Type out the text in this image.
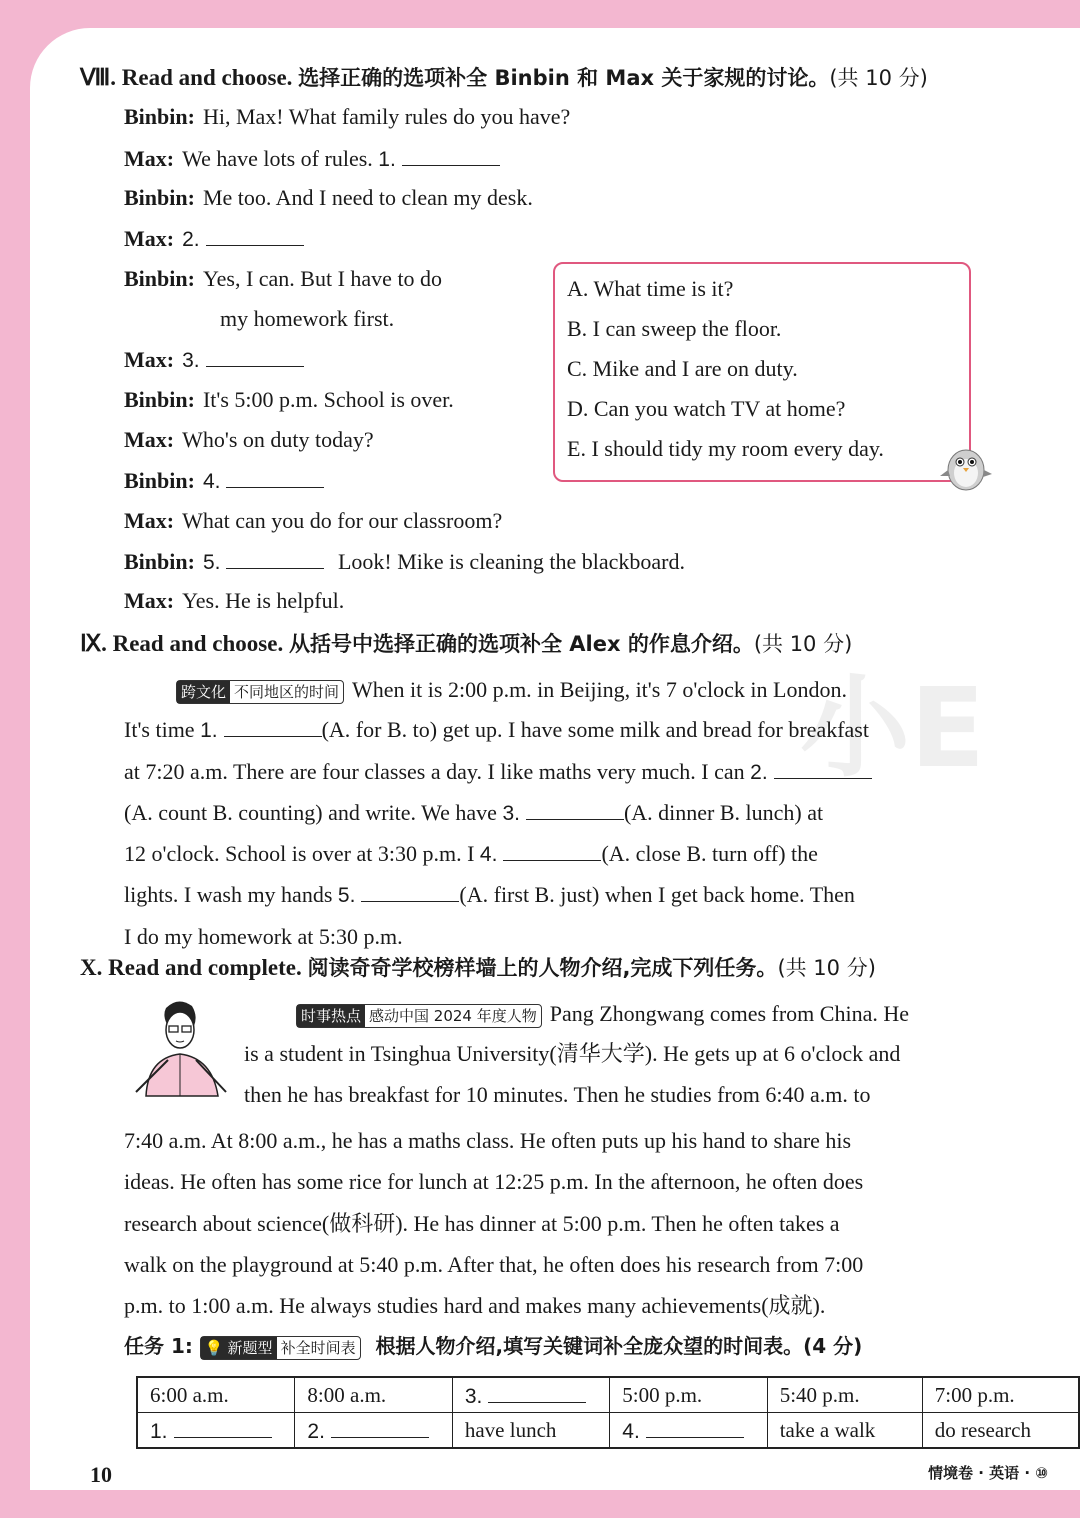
小E
Ⅷ. Read and choose. 选择正确的选项补全 Binbin 和 Max 关于家规的讨论。(共 10 分)
Binbin: Hi, Max! What family rules do you have?
Max: We have lots of rules. 1.
Binbin: Me too. And I need to clean my desk.
Max: 2.
Binbin: Yes, I can. But I have to do
my homework first.
Max: 3.
Binbin: It's 5:00 p.m. School is over.
Max: Who's on duty today?
Binbin: 4.
Max: What can you do for our classroom?
Binbin: 5.	Look! Mike is cleaning the blackboard.
Max: Yes. He is helpful.
A. What time is it?
B. I can sweep the floor.
C. Mike and I are on duty.
D. Can you watch TV at home?
E. I should tidy my room every day.
Ⅸ. Read and choose. 从括号中选择正确的选项补全 Alex 的作息介绍。(共 10 分)
跨文化 不同地区的时间 When it is 2:00 p.m. in Beijing, it's 7 o'clock in London.
It's time 1.	(A. for B. to) get up. I have some milk and bread for breakfast
at 7:20 a.m. There are four classes a day. I like maths very much. I can 2.
(A. count B. counting) and write. We have 3.	(A. dinner B. lunch) at
12 o'clock. School is over at 3:30 p.m. I 4.	(A. close B. turn off) the
lights. I wash my hands 5.	(A. first B. just) when I get back home. Then
I do my homework at 5:30 p.m.
X. Read and complete. 阅读奇奇学校榜样墙上的人物介绍,完成下列任务。(共 10 分)
时事热点 感动中国 2024 年度人物 Pang Zhongwang comes from China. He
is a student in Tsinghua University(清华大学). He gets up at 6 o'clock and
then he has breakfast for 10 minutes. Then he studies from 6:40 a.m. to
7:40 a.m. At 8:00 a.m., he has a maths class. He often puts up his hand to share his
ideas. He often has some rice for lunch at 12:25 p.m. In the afternoon, he often does
research about science(做科研). He has dinner at 5:00 p.m. Then he often takes a
walk on the playground at 5:40 p.m. After that, he often does his research from 7:00
p.m. to 1:00 a.m. He always studies hard and makes many achievements(成就).
任务 1: 💡 新题型 补全时间表 根据人物介绍,填写关键词补全庞众望的时间表。(4 分)
6:00 a.m.	8:00 a.m.	3.	5:00 p.m.	5:40 p.m.	7:00 p.m.
1.	2.	have lunch	4.	take a walk	do research
10	情境卷 · 英语 · ⑩
